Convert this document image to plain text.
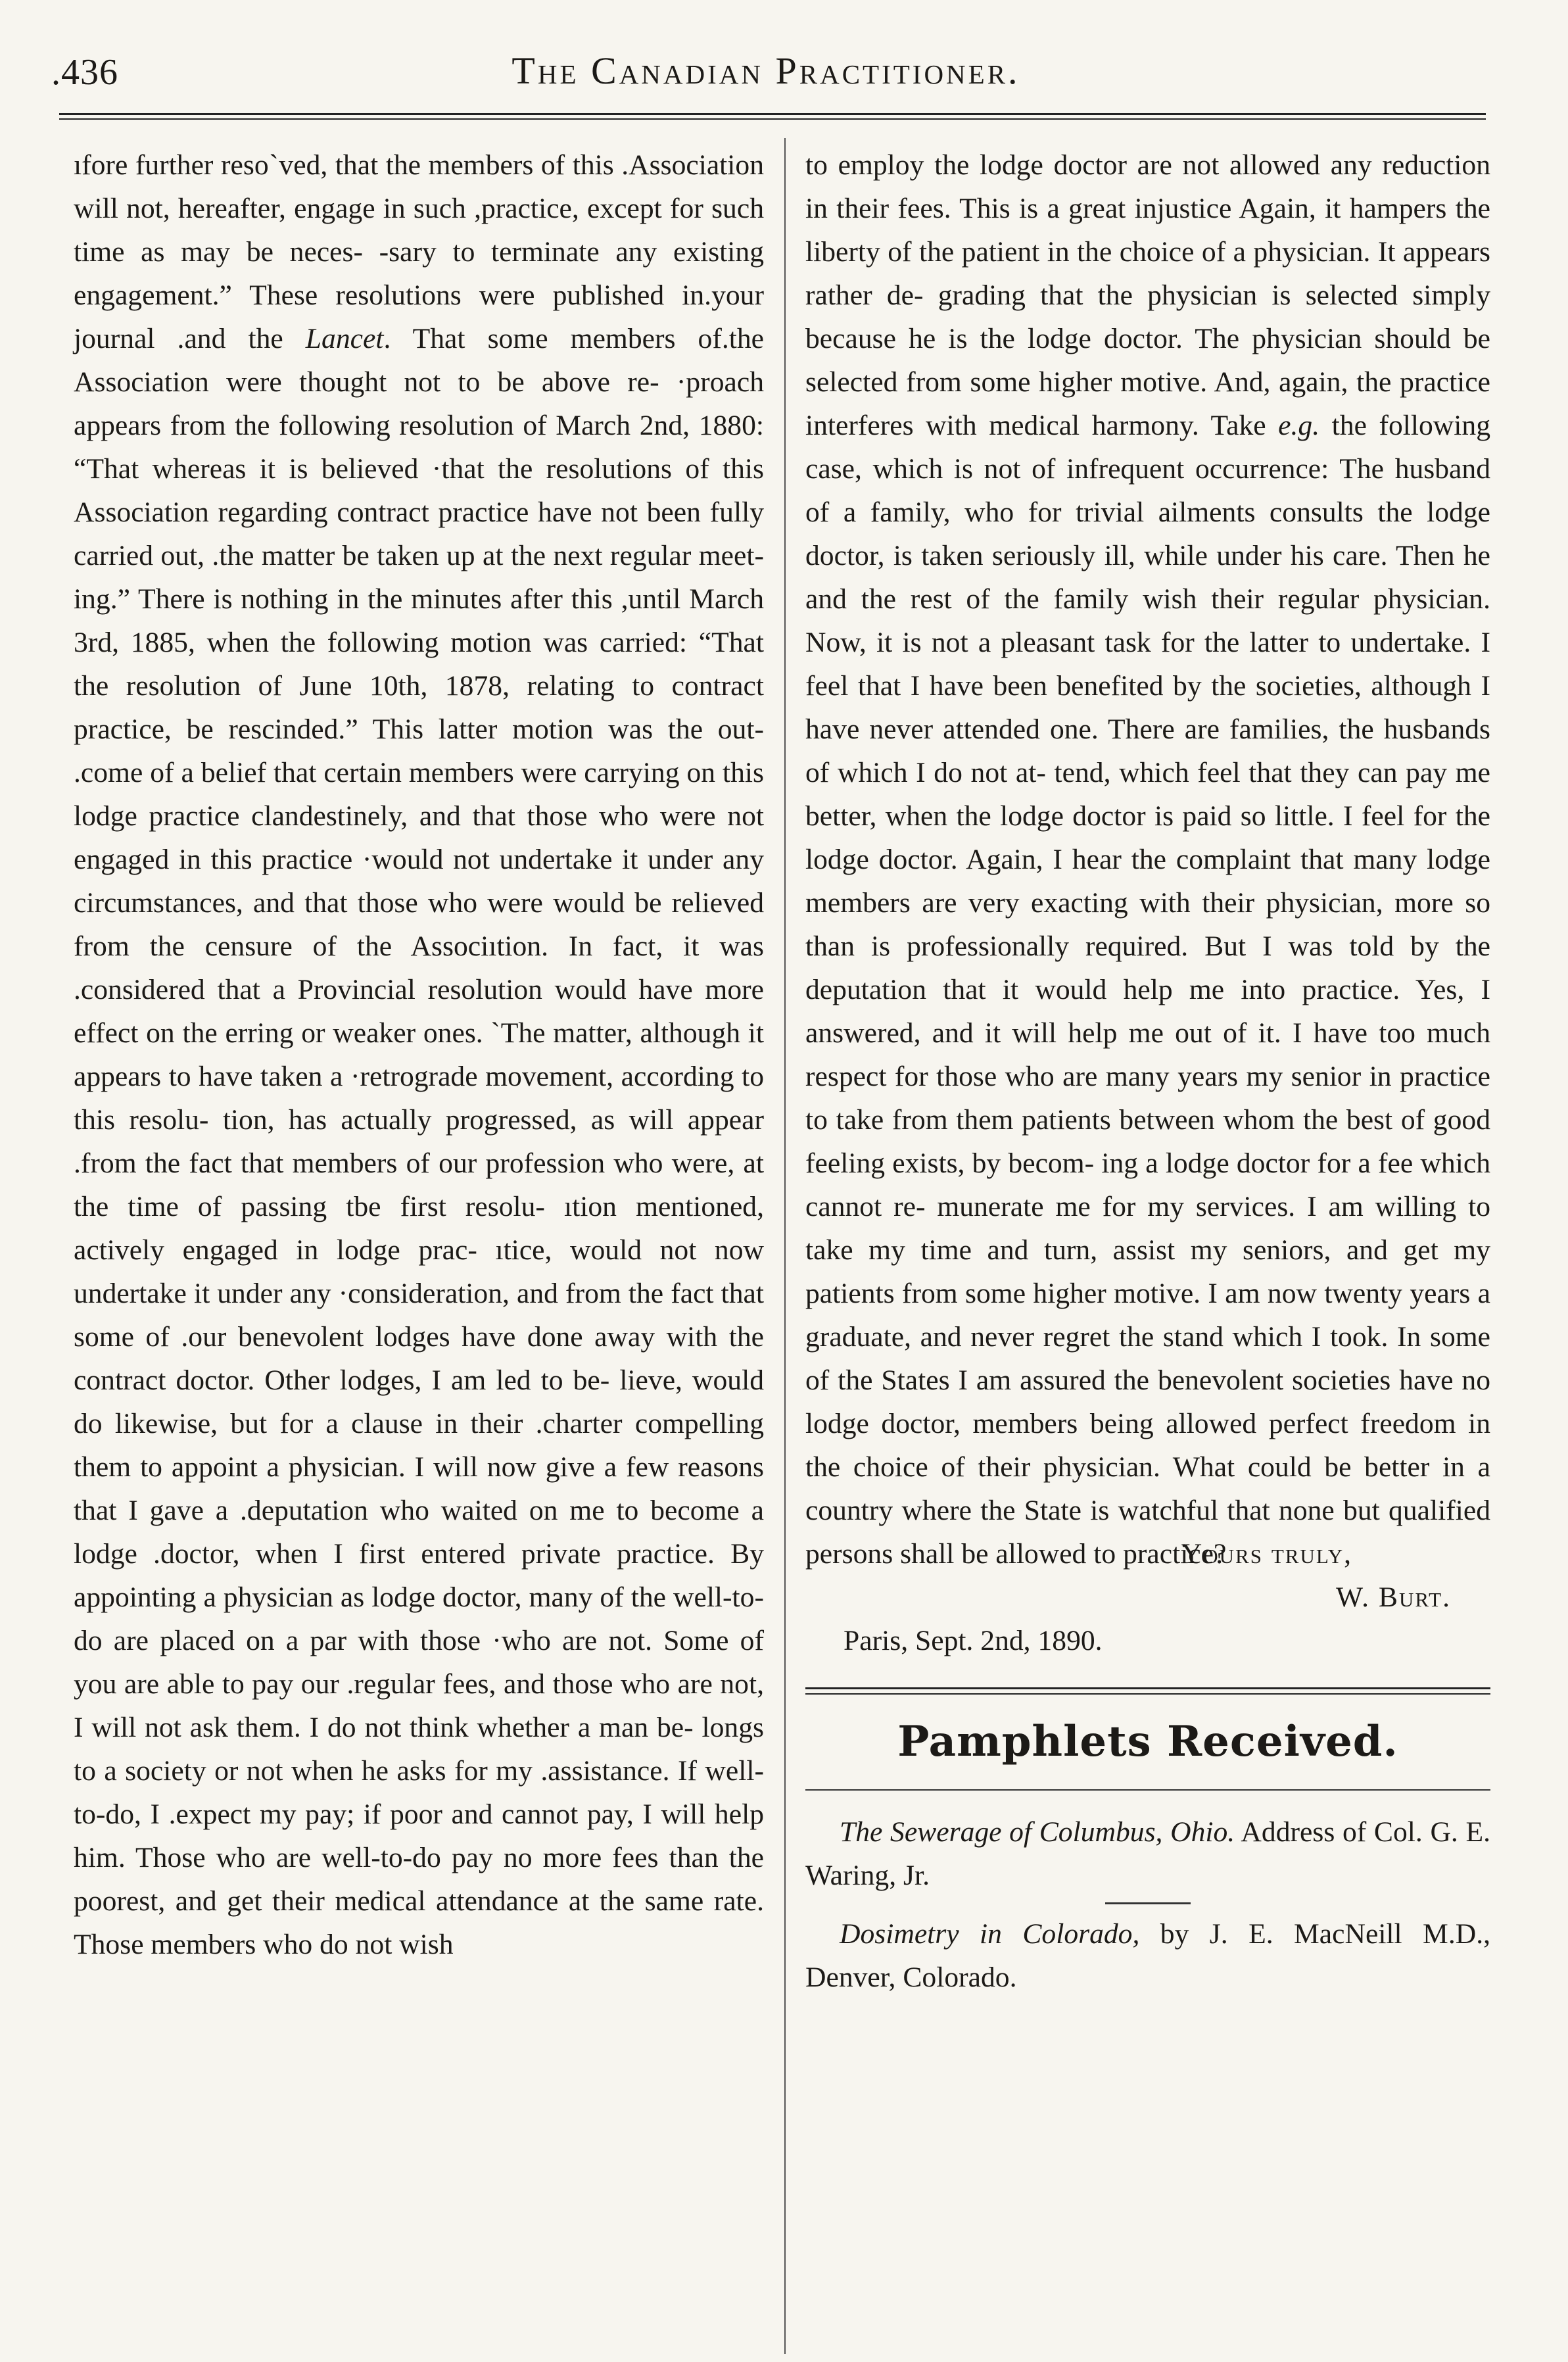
.436	The Canadian Practitioner.

ıfore further resoˋved, that the members of this .Association will not, hereafter, engage in such ,practice, except for such time as may be neces- -sary to terminate any existing engagement.” These resolutions were published in.your journal .and the Lancet. That some members of.the Association were thought not to be above re- ·proach appears from the following resolution of March 2nd, 1880: “That whereas it is believed ·that the resolutions of this Association regarding contract practice have not been fully carried out, .the matter be taken up at the next regular meet- ing.” There is nothing in the minutes after this ,until March 3rd, 1885, when the following motion was carried: “That the resolution of June 10th, 1878, relating to contract practice, be rescinded.” This latter motion was the out- .come of a belief that certain members were carrying on this lodge practice clandestinely, and that those who were not engaged in this practice ·would not undertake it under any circumstances, and that those who were would be relieved from the censure of the Associıtion. In fact, it was .considered that a Provincial resolution would have more effect on the erring or weaker ones. ˋThe matter, although it appears to have taken a ·retrograde movement, according to this resolu- tion, has actually progressed, as will appear .from the fact that members of our profession who were, at the time of passing tbe first resolu- ıtion mentioned, actively engaged in lodge prac- ıtice, would not now undertake it under any ·consideration, and from the fact that some of .our benevolent lodges have done away with the contract doctor. Other lodges, I am led to be- liеve, would do likewise, but for a clause in their .charter compelling them to appoint a physician. I will now give a few reasons that I gave a .deputation who waited on me to bеcome a lodge .doctor, when I first entered private practice. By appointing a physician as lodge doctor, many of the well-to-do are placed on a par with those ·who are not. Some of you are able to pay our .regular fees, and those who are not, I will not ask them. I do not think whether a man be- longs to a society or not when he asks for my .assistance. If well-to-do, I .expect my pay; if poor and cannot pay, I will help him. Those who are well-to-do pay no more fees than the poorest, and get their medical attendance at the same rate. Those members who do not wish

to employ the lodge doctor are not allowed any reduction in their fees. This is a great injustice Again, it hampers the liberty of the patient in the choice of a physician. It appears rather de- grading that the physician is selected simply because he is the lodge doctor. The physician should be selected from some higher motive. And, again, the practice interferes with medical harmony. Take e.g. the following case, which is not of infrequent occurrence: The husband of a family, who for trivial ailments consults the lodge doctor, is taken seriously ill, while under his care. Then he and the rest of the family wish their regular physician. Now, it is not a pleasant task for the latter to undertake. I feel that I have been benefited by the societies, although I have never attended one. There are families, the husbands of which I do not at- tend, which feel that they can pay me better, when the lodge doctor is paid so little. I feel for the lodge doctor. Again, I hear the complaint that many lodge members are very exacting with their physician, more so than is professionally required. But I was told by the deputation that it would help me into practice. Yes, I answered, and it will help me out of it. I have too much respect for those who are many years my senior in practice to take from them patients between whom the best of good feeling exists, by becom- ing a lodge doctor for a fee which cannot re- munerate me for my services. I am willing to take my time and turn, assist my seniors, and get my patients from some higher motive. I am now twenty years a graduate, and never regret the stand which I took. In some of the States I am assured the benevolent societies have no lodge doctor, members being allowed perfect freedom in the choice of their physician. What could be better in a country where the State is watchful that none but qualified persons shall be allowed to practice?

Yours truly,
W. Burt.
Paris, Sept. 2nd, 1890.
Pamphlets Received.

The Sewerage of Columbus, Ohio. Address of Col. G. E. Waring, Jr.

Dosimetry in Colorado, by J. E. MacNeill M.D., Denver, Colorado.
